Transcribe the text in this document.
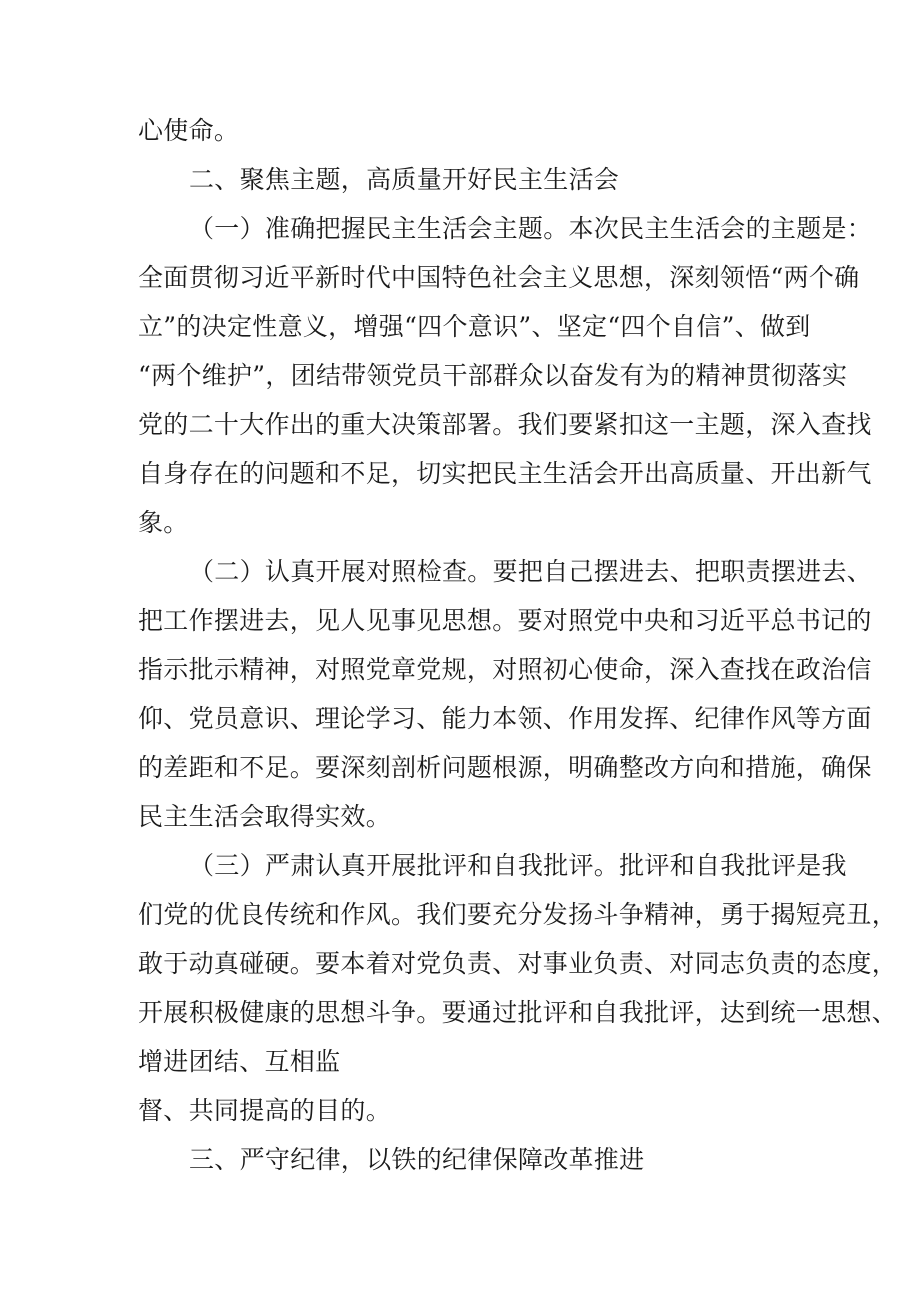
心使命。
二、聚焦主题，高质量开好民主生活会
（一）准确把握民主生活会主题。本次民主生活会的主题是：
全面贯彻习近平新时代中国特色社会主义思想，深刻领悟“两个确
立”的决定性意义，增强“四个意识”、坚定“四个自信”、做到
“两个维护”，团结带领党员干部群众以奋发有为的精神贯彻落实
党的二十大作出的重大决策部署。我们要紧扣这一主题，深入查找
自身存在的问题和不足，切实把民主生活会开出高质量、开出新气
象。
（二）认真开展对照检查。要把自己摆进去、把职责摆进去、
把工作摆进去，见人见事见思想。要对照党中央和习近平总书记的
指示批示精神，对照党章党规，对照初心使命，深入查找在政治信
仰、党员意识、理论学习、能力本领、作用发挥、纪律作风等方面
的差距和不足。要深刻剖析问题根源，明确整改方向和措施，确保
民主生活会取得实效。
（三）严肃认真开展批评和自我批评。批评和自我批评是我
们党的优良传统和作风。我们要充分发扬斗争精神，勇于揭短亮丑，
敢于动真碰硬。要本着对党负责、对事业负责、对同志负责的态度，
开展积极健康的思想斗争。要通过批评和自我批评，达到统一思想、
增进团结、互相监
督、共同提高的目的。
三、严守纪律，以铁的纪律保障改革推进
